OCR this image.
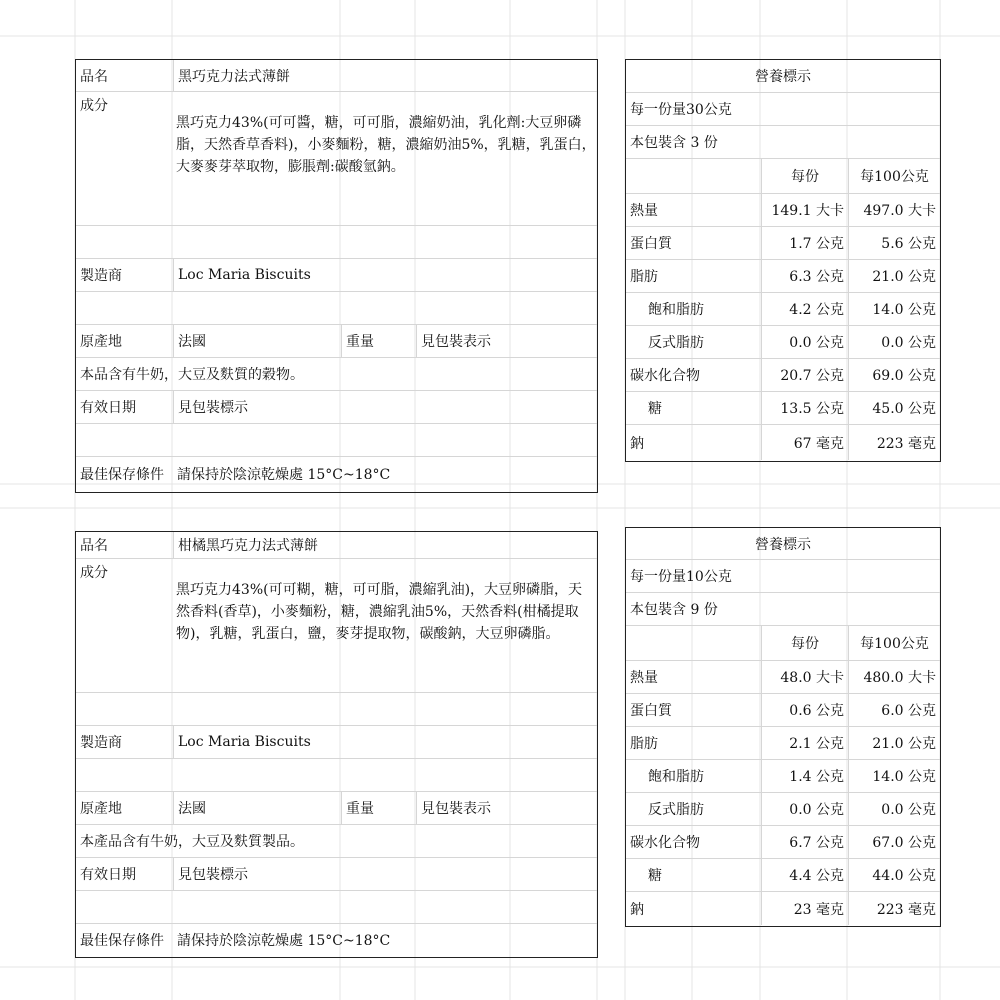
品名	黑巧克力法式薄餅
成分
黑巧克力43%(可可醬，糖，可可脂，濃縮奶油，乳化劑:大豆卵磷脂，天然香草香料)，小麥麵粉，糖，濃縮奶油5%，乳糖，乳蛋白，大麥麥芽萃取物，膨脹劑:碳酸氫鈉。
製造商	Loc Maria Biscuits
原產地	法國	重量	見包裝表示
本品含有牛奶，大豆及麩質的穀物。
有效日期	見包裝標示
最佳保存條件 請保持於陰涼乾燥處 15°C~18°C
營養標示
每一份量30公克
本包裝含 3 份
每份	每100公克
熱量	149.1 大卡	497.0 大卡
蛋白質	1.7 公克	5.6 公克
脂肪	6.3 公克	21.0 公克
飽和脂肪	4.2 公克	14.0 公克
反式脂肪	0.0 公克	0.0 公克
碳水化合物	20.7 公克	69.0 公克
糖	13.5 公克	45.0 公克
鈉	67 毫克	223 毫克
品名	柑橘黑巧克力法式薄餅
成分
黑巧克力43%(可可糊，糖，可可脂，濃縮乳油)，大豆卵磷脂，天然香料(香草)，小麥麵粉，糖，濃縮乳油5%，天然香料(柑橘提取物)，乳糖，乳蛋白，鹽，麥芽提取物，碳酸鈉，大豆卵磷脂。
製造商	Loc Maria Biscuits
原產地	法國	重量	見包裝表示
本產品含有牛奶，大豆及麩質製品。
有效日期	見包裝標示
最佳保存條件 請保持於陰涼乾燥處 15°C~18°C
營養標示
每一份量10公克
本包裝含 9 份
每份	每100公克
熱量	48.0 大卡	480.0 大卡
蛋白質	0.6 公克	6.0 公克
脂肪	2.1 公克	21.0 公克
飽和脂肪	1.4 公克	14.0 公克
反式脂肪	0.0 公克	0.0 公克
碳水化合物	6.7 公克	67.0 公克
糖	4.4 公克	44.0 公克
鈉	23 毫克	223 毫克
